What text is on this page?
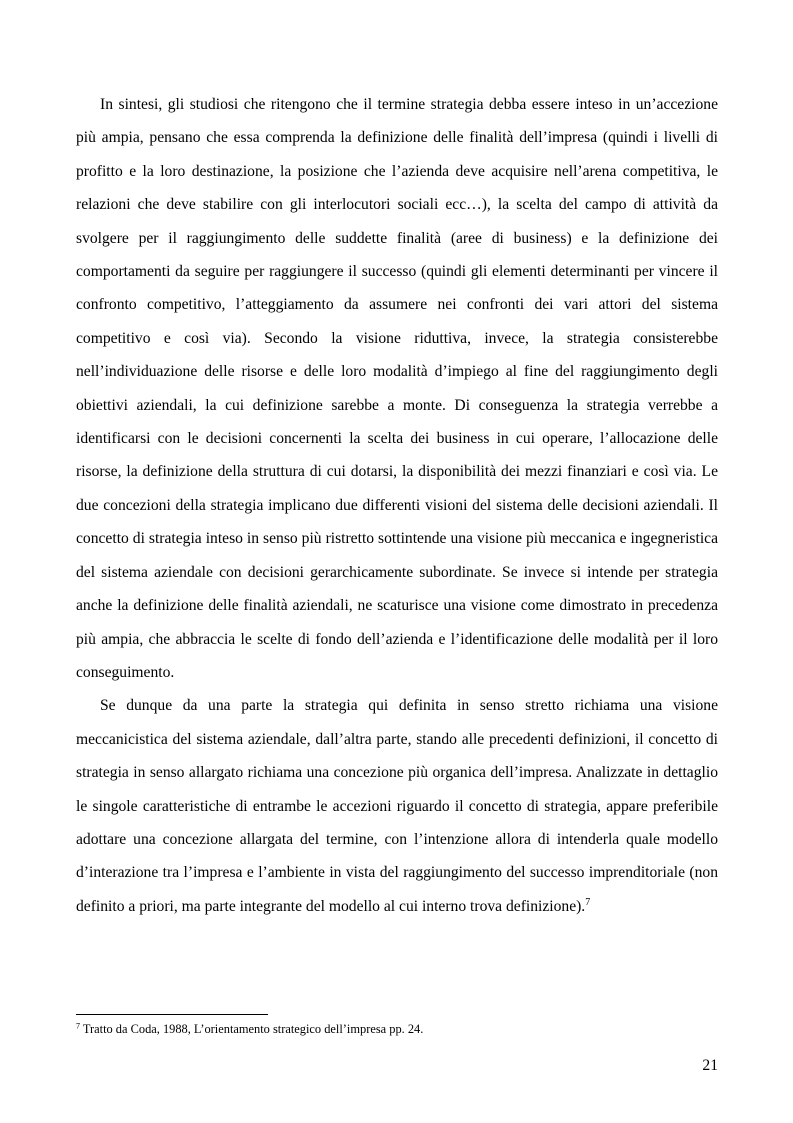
In sintesi, gli studiosi che ritengono che il termine strategia debba essere inteso in un’accezione più ampia, pensano che essa comprenda la definizione delle finalità dell’impresa (quindi i livelli di profitto e la loro destinazione, la posizione che l’azienda deve acquisire nell’arena competitiva, le relazioni che deve stabilire con gli interlocutori sociali ecc…), la scelta del campo di attività da svolgere per il raggiungimento delle suddette finalità (aree di business) e la definizione dei comportamenti da seguire per raggiungere il successo (quindi gli elementi determinanti per vincere il confronto competitivo, l’atteggiamento da assumere nei confronti dei vari attori del sistema competitivo e così via). Secondo la visione riduttiva, invece, la strategia consisterebbe nell’individuazione delle risorse e delle loro modalità d’impiego al fine del raggiungimento degli obiettivi aziendali, la cui definizione sarebbe a monte. Di conseguenza la strategia verrebbe a identificarsi con le decisioni concernenti la scelta dei business in cui operare, l’allocazione delle risorse, la definizione della struttura di cui dotarsi, la disponibilità dei mezzi finanziari e così via. Le due concezioni della strategia implicano due differenti visioni del sistema delle decisioni aziendali. Il concetto di strategia inteso in senso più ristretto sottintende una visione più meccanica e ingegneristica del sistema aziendale con decisioni gerarchicamente subordinate. Se invece si intende per strategia anche la definizione delle finalità aziendali, ne scaturisce una visione come dimostrato in precedenza più ampia, che abbraccia le scelte di fondo dell’azienda e l’identificazione delle modalità per il loro conseguimento.

Se dunque da una parte la strategia qui definita in senso stretto richiama una visione meccanicistica del sistema aziendale, dall’altra parte, stando alle precedenti definizioni, il concetto di strategia in senso allargato richiama una concezione più organica dell’impresa. Analizzate in dettaglio le singole caratteristiche di entrambe le accezioni riguardo il concetto di strategia, appare preferibile adottare una concezione allargata del termine, con l’intenzione allora di intenderla quale modello d’interazione tra l’impresa e l’ambiente in vista del raggiungimento del successo imprenditoriale (non definito a priori, ma parte integrante del modello al cui interno trova definizione).$^7$

$^7$ Tratto da Coda, 1988, L’orientamento strategico dell’impresa pp. 24.
21
